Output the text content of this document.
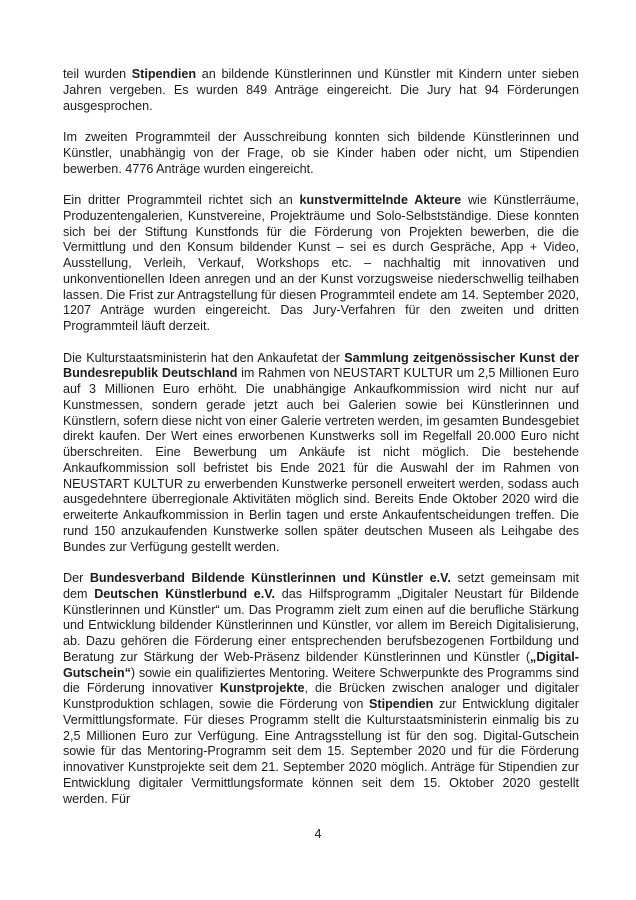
teil wurden Stipendien an bildende Künstlerinnen und Künstler mit Kindern unter sieben Jahren vergeben. Es wurden 849 Anträge eingereicht. Die Jury hat 94 Förderungen ausgesprochen.

Im zweiten Programmteil der Ausschreibung konnten sich bildende Künstlerinnen und Künstler, unabhängig von der Frage, ob sie Kinder haben oder nicht, um Stipendien bewerben. 4776 Anträge wurden eingereicht.

Ein dritter Programmteil richtet sich an kunstvermittelnde Akteure wie Künstlerräume, Produzentengalerien, Kunstvereine, Projekträume und Solo-Selbstständige. Diese konnten sich bei der Stiftung Kunstfonds für die Förderung von Projekten bewerben, die die Vermittlung und den Konsum bildender Kunst – sei es durch Gespräche, App + Video, Ausstellung, Verleih, Verkauf, Workshops etc. – nachhaltig mit innovativen und unkonventionellen Ideen anregen und an der Kunst vorzugsweise niederschwellig teilhaben lassen. Die Frist zur Antragstellung für diesen Programmteil endete am 14. September 2020, 1207 Anträge wurden eingereicht. Das Jury-Verfahren für den zweiten und dritten Programmteil läuft derzeit.

Die Kulturstaatsministerin hat den Ankaufetat der Sammlung zeitgenössischer Kunst der Bundesrepublik Deutschland im Rahmen von NEUSTART KULTUR um 2,5 Millionen Euro auf 3 Millionen Euro erhöht. Die unabhängige Ankaufkommission wird nicht nur auf Kunstmessen, sondern gerade jetzt auch bei Galerien sowie bei Künstlerinnen und Künstlern, sofern diese nicht von einer Galerie vertreten werden, im gesamten Bundesgebiet direkt kaufen. Der Wert eines erworbenen Kunstwerks soll im Regelfall 20.000 Euro nicht überschreiten. Eine Bewerbung um Ankäufe ist nicht möglich. Die bestehende Ankaufkommission soll befristet bis Ende 2021 für die Auswahl der im Rahmen von NEUSTART KULTUR zu erwerbenden Kunstwerke personell erweitert werden, sodass auch ausgedehntere überregionale Aktivitäten möglich sind. Bereits Ende Oktober 2020 wird die erweiterte Ankaufkommission in Berlin tagen und erste Ankaufentscheidungen treffen. Die rund 150 anzukaufenden Kunstwerke sollen später deutschen Museen als Leihgabe des Bundes zur Verfügung gestellt werden.

Der Bundesverband Bildende Künstlerinnen und Künstler e.V. setzt gemeinsam mit dem Deutschen Künstlerbund e.V. das Hilfsprogramm „Digitaler Neustart für Bildende Künstlerinnen und Künstler“ um. Das Programm zielt zum einen auf die berufliche Stärkung und Entwicklung bildender Künstlerinnen und Künstler, vor allem im Bereich Digitalisierung, ab. Dazu gehören die Förderung einer entsprechenden berufsbezogenen Fortbildung und Beratung zur Stärkung der Web-Präsenz bildender Künstlerinnen und Künstler („Digital-Gutschein“) sowie ein qualifiziertes Mentoring. Weitere Schwerpunkte des Programms sind die Förderung innovativer Kunstprojekte, die Brücken zwischen analoger und digitaler Kunstproduktion schlagen, sowie die Förderung von Stipendien zur Entwicklung digitaler Vermittlungsformate. Für dieses Programm stellt die Kulturstaatsministerin einmalig bis zu 2,5 Millionen Euro zur Verfügung. Eine Antragsstellung ist für den sog. Digital-Gutschein sowie für das Mentoring-Programm seit dem 15. September 2020 und für die Förderung innovativer Kunstprojekte seit dem 21. September 2020 möglich. Anträge für Stipendien zur Entwicklung digitaler Vermittlungsformate können seit dem 15. Oktober 2020 gestellt werden. Für

4
